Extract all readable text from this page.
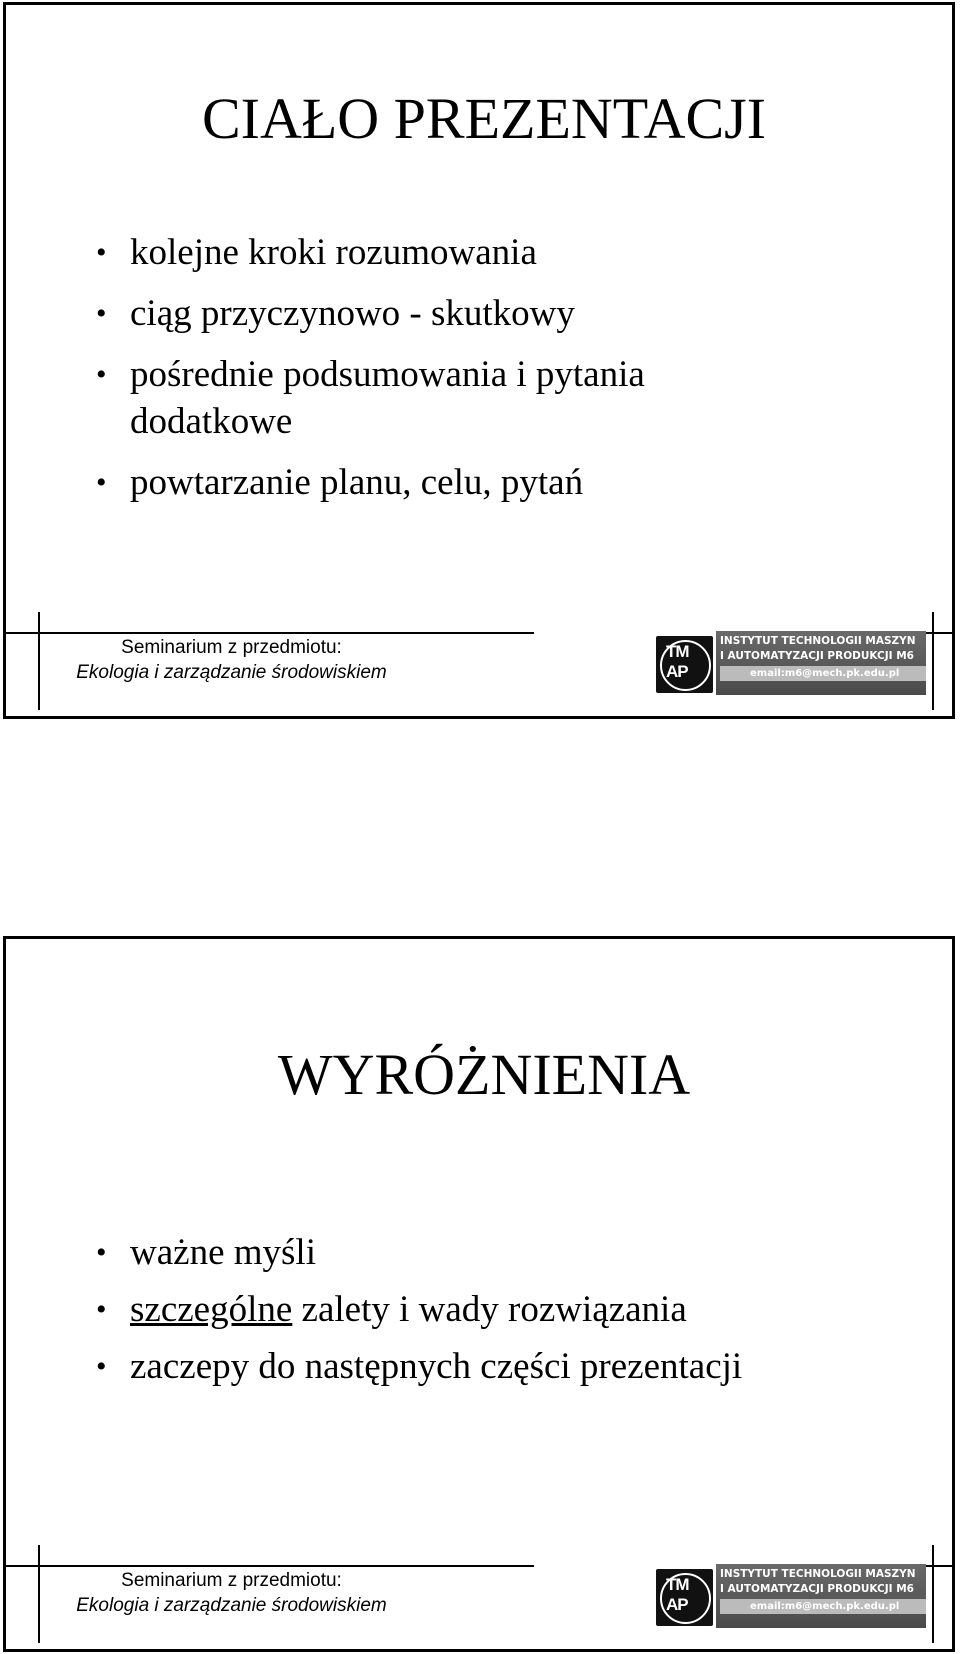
CIAŁO PREZENTACJI
• kolejne kroki rozumowania
• ciąg przyczynowo - skutkowy
• pośrednie podsumowania i pytania
dodatkowe
• powtarzanie planu, celu, pytań
Seminarium z przedmiotu:
Ekologia i zarządzanie środowiskiem
TM
AP
INSTYTUT TECHNOLOGII MASZYN
I AUTOMATYZACJI PRODUKCJI M6
email:m6@mech.pk.edu.pl
WYRÓŻNIENIA
• ważne myśli
• szczególne zalety i wady rozwiązania
• zaczepy do następnych części prezentacji
Seminarium z przedmiotu:
Ekologia i zarządzanie środowiskiem
TM
AP
INSTYTUT TECHNOLOGII MASZYN
I AUTOMATYZACJI PRODUKCJI M6
email:m6@mech.pk.edu.pl
